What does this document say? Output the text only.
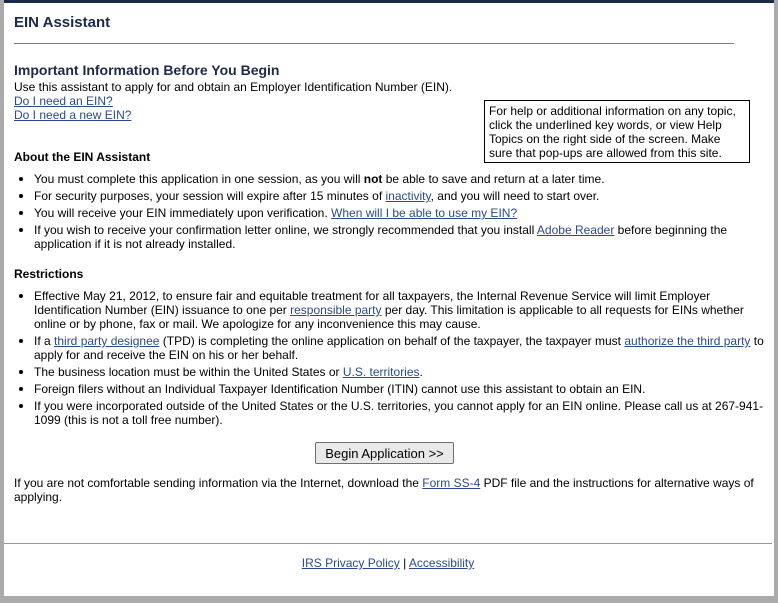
EIN Assistant
Important Information Before You Begin
Use this assistant to apply for and obtain an Employer Identification Number (EIN).
Do I need an EIN?
Do I need a new EIN?	For help or additional information on any topic, click the underlined key words, or view Help Topics on the right side of the screen. Make sure that pop-ups are allowed from this site.
About the EIN Assistant
You must complete this application in one session, as you will not be able to save and return at a later time.
For security purposes, your session will expire after 15 minutes of inactivity, and you will need to start over.
You will receive your EIN immediately upon verification. When will I be able to use my EIN?
If you wish to receive your confirmation letter online, we strongly recommended that you install Adobe Reader before beginning the application if it is not already installed.
Restrictions
Effective May 21, 2012, to ensure fair and equitable treatment for all taxpayers, the Internal Revenue Service will limit Employer Identification Number (EIN) issuance to one per responsible party per day. This limitation is applicable to all requests for EINs whether online or by phone, fax or mail. We apologize for any inconvenience this may cause.
If a third party designee (TPD) is completing the online application on behalf of the taxpayer, the taxpayer must authorize the third party to apply for and receive the EIN on his or her behalf.
The business location must be within the United States or U.S. territories.
Foreign filers without an Individual Taxpayer Identification Number (ITIN) cannot use this assistant to obtain an EIN.
If you were incorporated outside of the United States or the U.S. territories, you cannot apply for an EIN online. Please call us at 267-941-1099 (this is not a toll free number).
Begin Application >>
If you are not comfortable sending information via the Internet, download the Form SS-4 PDF file and the instructions for alternative ways of applying.
IRS Privacy Policy | Accessibility
